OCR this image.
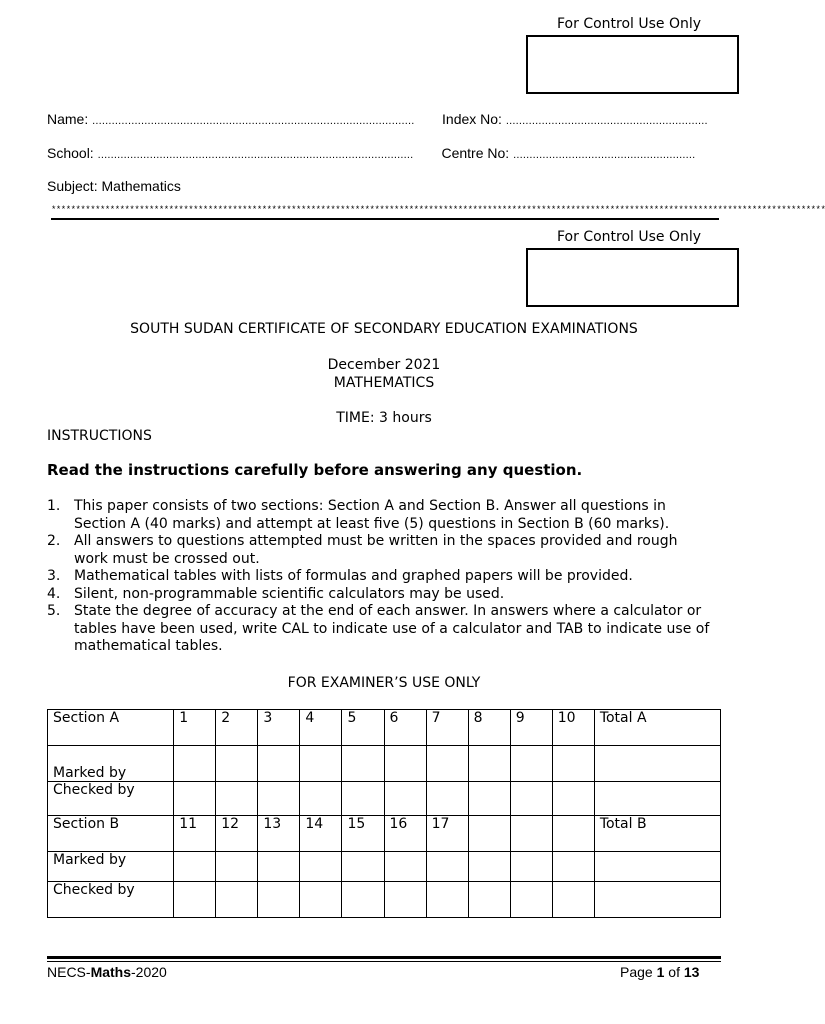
For Control Use Only
Name: ................................................................................................... Index No: ..............................................................
School: ................................................................................................. Centre No: ........................................................
Subject: Mathematics
**************************************************************************************************************************************************************
For Control Use Only
SOUTH SUDAN CERTIFICATE OF SECONDARY EDUCATION EXAMINATIONS
December 2021
MATHEMATICS
TIME: 3 hours
INSTRUCTIONS
Read the instructions carefully before answering any question.
1. This paper consists of two sections: Section A and Section B. Answer all questions in Section A (40 marks) and attempt at least five (5) questions in Section B (60 marks).
2. All answers to questions attempted must be written in the spaces provided and rough work must be crossed out.
3. Mathematical tables with lists of formulas and graphed papers will be provided.
4. Silent, non-programmable scientific calculators may be used.
5. State the degree of accuracy at the end of each answer. In answers where a calculator or tables have been used, write CAL to indicate use of a calculator and TAB to indicate use of mathematical tables.
FOR EXAMINER’S USE ONLY
Section A	1	2	3	4	5	6	7	8	9	10	Total A
Marked by											
Checked by											
Section B	11	12	13	14	15	16	17				Total B
Marked by											
Checked by											
NECS-Maths-2020	Page 1 of 13
